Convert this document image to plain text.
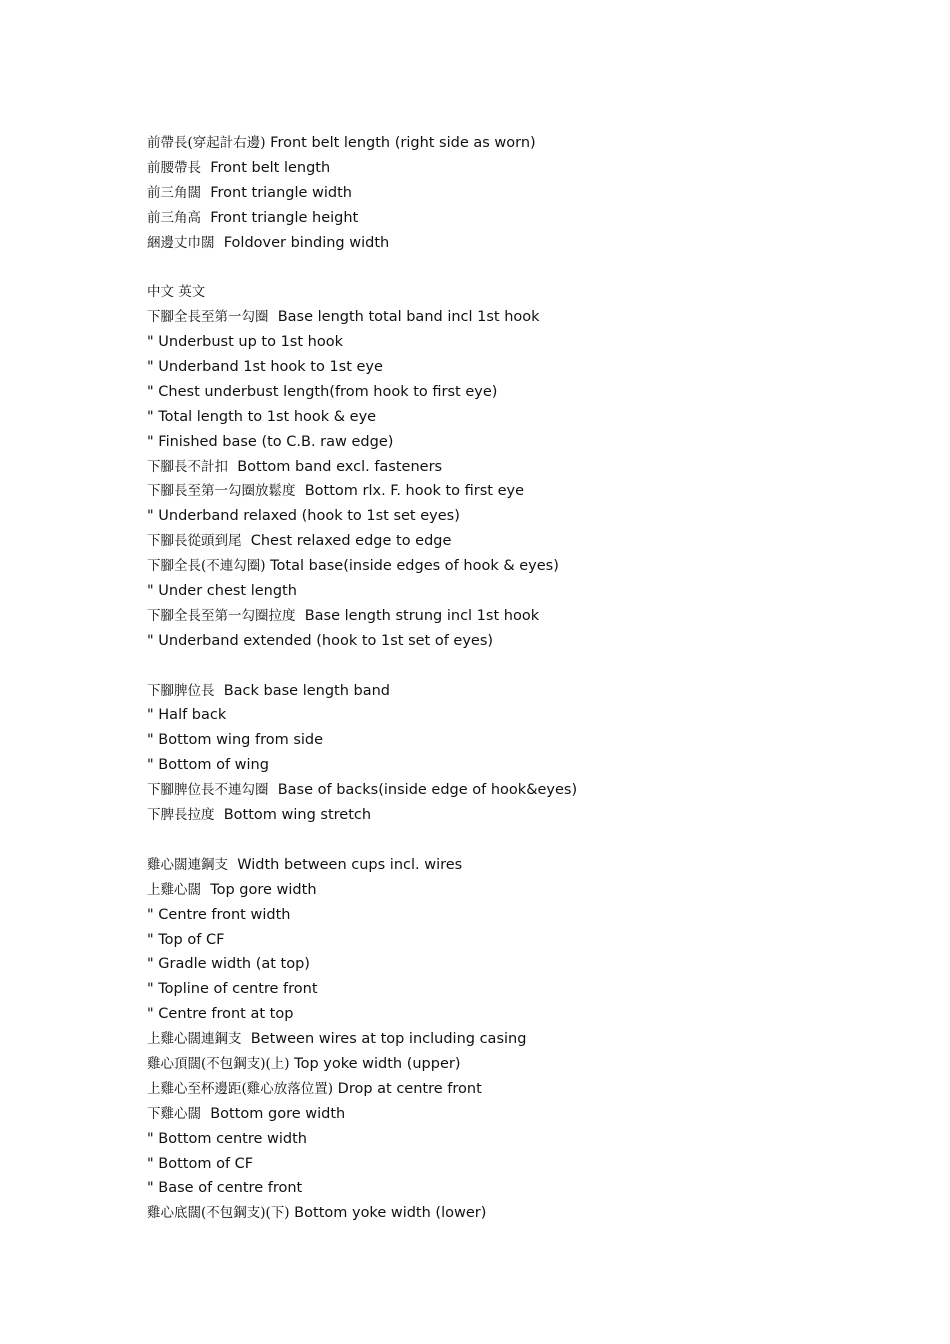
前帶長(穿起計右邊) Front belt length (right side as worn)
前腰帶長  Front belt length
前三角闊  Front triangle width
前三角高  Front triangle height
綑邊丈巾闊  Foldover binding width
中文 英文
下腳全長至第一勾圈  Base length total band incl 1st hook
" Underbust up to 1st hook
" Underband 1st hook to 1st eye
" Chest underbust length(from hook to first eye)
" Total length to 1st hook & eye
" Finished base (to C.B. raw edge)
下腳長不計扣  Bottom band excl. fasteners
下腳長至第一勾圈放鬆度  Bottom rlx. F. hook to first eye
" Underband relaxed (hook to 1st set eyes)
下腳長從頭到尾  Chest relaxed edge to edge
下腳全長(不連勾圈) Total base(inside edges of hook & eyes)
" Under chest length
下腳全長至第一勾圈拉度  Base length strung incl 1st hook
" Underband extended (hook to 1st set of eyes)
下腳脾位長  Back base length band
" Half back
" Bottom wing from side
" Bottom of wing
下腳脾位長不連勾圈  Base of backs(inside edge of hook&eyes)
下脾長拉度  Bottom wing stretch
雞心闊連鋼支  Width between cups incl. wires
上雞心闊  Top gore width
" Centre front width
" Top of CF
" Gradle width (at top)
" Topline of centre front
" Centre front at top
上雞心闊連鋼支  Between wires at top including casing
雞心頂闊(不包鋼支)(上) Top yoke width (upper)
上雞心至杯邊距(雞心放落位置) Drop at centre front
下雞心闊  Bottom gore width
" Bottom centre width
" Bottom of CF
" Base of centre front
雞心底闊(不包鋼支)(下) Bottom yoke width (lower)
